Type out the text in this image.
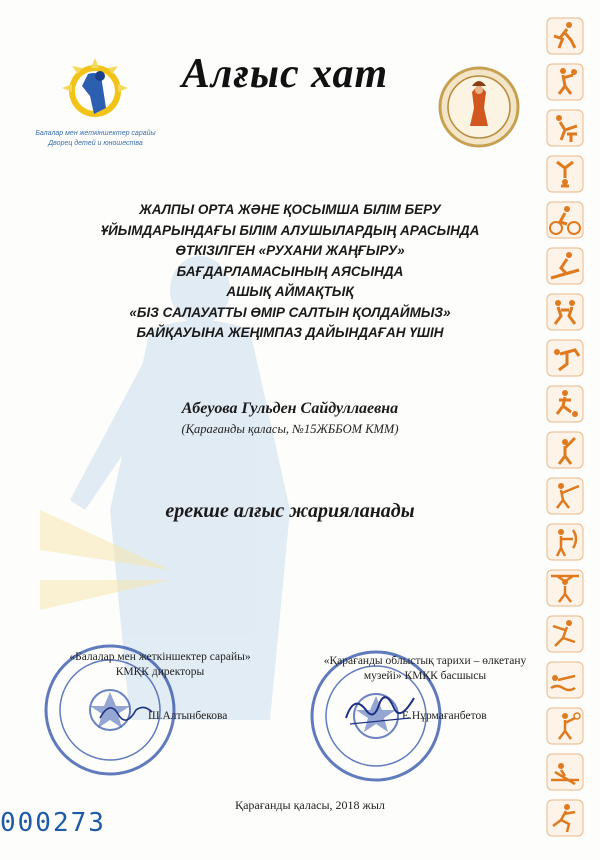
Балалар мен жеткіншектер сарайы
Дворец детей и юношества
Алғыс хат
ЖАЛПЫ ОРТА ЖӘНЕ ҚОСЫМША БІЛІМ БЕРУ
ҰЙЫМДАРЫНДАҒЫ БІЛІМ АЛУШЫЛАРДЫҢ АРАСЫНДА
ӨТКІЗІЛГЕН «РУХАНИ ЖАҢҒЫРУ»
БАҒДАРЛАМАСЫНЫҢ АЯСЫНДА
АШЫҚ АЙМАҚТЫҚ
«БІЗ САЛАУАТТЫ ӨМІР САЛТЫН ҚОЛДАЙМЫЗ»
БАЙҚАУЫНА ЖЕҢІМПАЗ ДАЙЫНДАҒАН ҮШІН
Абеуова Гульден Сайдуллаевна
(Қарағанды қаласы, №15ЖББОМ КММ)
ерекше алғыс жарияланады
«Балалар мен жеткіншектер сарайы»
КМҚК директоры
Ш.Алтынбекова
«Қарағанды облыстық тарихи – өлкетану
музейі» КМҚК басшысы
Е.Нұрмағанбетов
Қарағанды қаласы, 2018 жыл
000273
